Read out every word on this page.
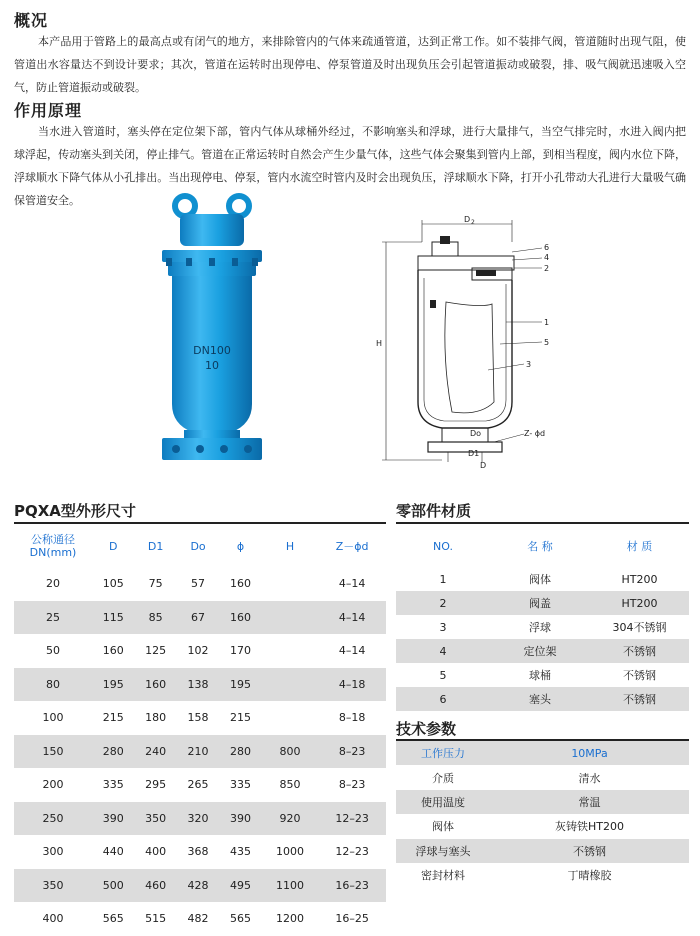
概况
本产品用于管路上的最高点或有闭气的地方，来排除管内的气体来疏通管道，达到正常工作。如不装排气阀，管道随时出现气阻，使管道出水容量达不到设计要求；其次，管道在运转时出现停电、停泵管道及时出现负压会引起管道振动或破裂，排、吸气阀就迅速吸入空气，防止管道振动或破裂。
作用原理
当水进入管道时，塞头停在定位架下部，管内气体从球桶外经过，不影响塞头和浮球，进行大量排气，当空气排完时，水进入阀内把球浮起，传动塞头到关闭，停止排气。管道在正常运转时自然会产生少量气体，这些气体会聚集到管内上部，到相当程度，阀内水位下降，浮球顺水下降气体从小孔排出。当出现停电、停泵，管内水流空时管内及时会出现负压，浮球顺水下降，打开小孔带动大孔进行大量吸气确保管道安全。
DN100
10
D 2
H
Do
D1
D
Z- ϕd
6
4
2
1
5
3
PQXA型外形尺寸
公称通径
DN(mm)	D	D1	Do	ϕ	H	Z－ϕd
20	105	75	57	160		4–14
25	115	85	67	160		4–14
50	160	125	102	170		4–14
80	195	160	138	195		4–18
100	215	180	158	215		8–18
150	280	240	210	280	800	8–23
200	335	295	265	335	850	8–23
250	390	350	320	390	920	12–23
300	440	400	368	435	1000	12–23
350	500	460	428	495	1100	16–23
400	565	515	482	565	1200	16–25
零部件材质
NO.	名 称	材 质
1	阀体	HT200
2	阀盖	HT200
3	浮球	304不锈钢
4	定位架	不锈钢
5	球桶	不锈钢
6	塞头	不锈钢
技术参数
工作压力	10MPa
介质	清水
使用温度	常温
阀体	灰铸铁HT200
浮球与塞头	不锈钢
密封材料	丁晴橡胶
